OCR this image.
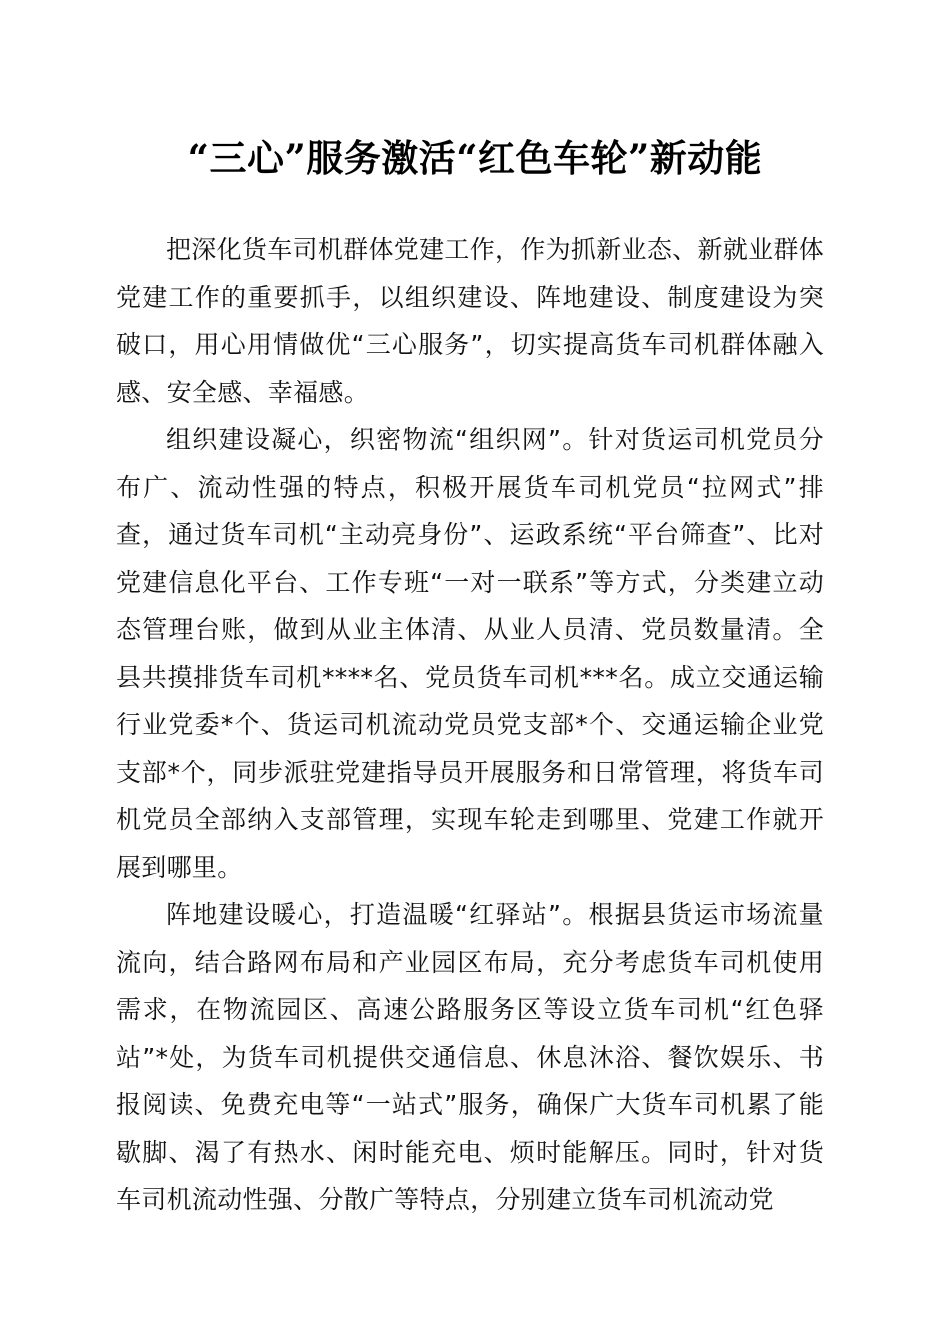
“三心”服务激活“红色车轮”新动能

把深化货车司机群体党建工作，作为抓新业态、新就业群体党建工作的重要抓手，以组织建设、阵地建设、制度建设为突破口，用心用情做优“三心服务”，切实提高货车司机群体融入感、安全感、幸福感。

组织建设凝心，织密物流“组织网”。针对货运司机党员分布广、流动性强的特点，积极开展货车司机党员“拉网式”排查，通过货车司机“主动亮身份”、运政系统“平台筛查”、比对党建信息化平台、工作专班“一对一联系”等方式，分类建立动态管理台账，做到从业主体清、从业人员清、党员数量清。全县共摸排货车司机****名、党员货车司机***名。成立交通运输行业党委*个、货运司机流动党员党支部*个、交通运输企业党支部*个，同步派驻党建指导员开展服务和日常管理，将货车司机党员全部纳入支部管理，实现车轮走到哪里、党建工作就开展到哪里。

阵地建设暖心，打造温暖“红驿站”。根据县货运市场流量流向，结合路网布局和产业园区布局，充分考虑货车司机使用需求，在物流园区、高速公路服务区等设立货车司机“红色驿站”*处，为货车司机提供交通信息、休息沐浴、餐饮娱乐、书报阅读、免费充电等“一站式”服务，确保广大货车司机累了能歇脚、渴了有热水、闲时能充电、烦时能解压。同时，针对货车司机流动性强、分散广等特点，分别建立货车司机流动党
